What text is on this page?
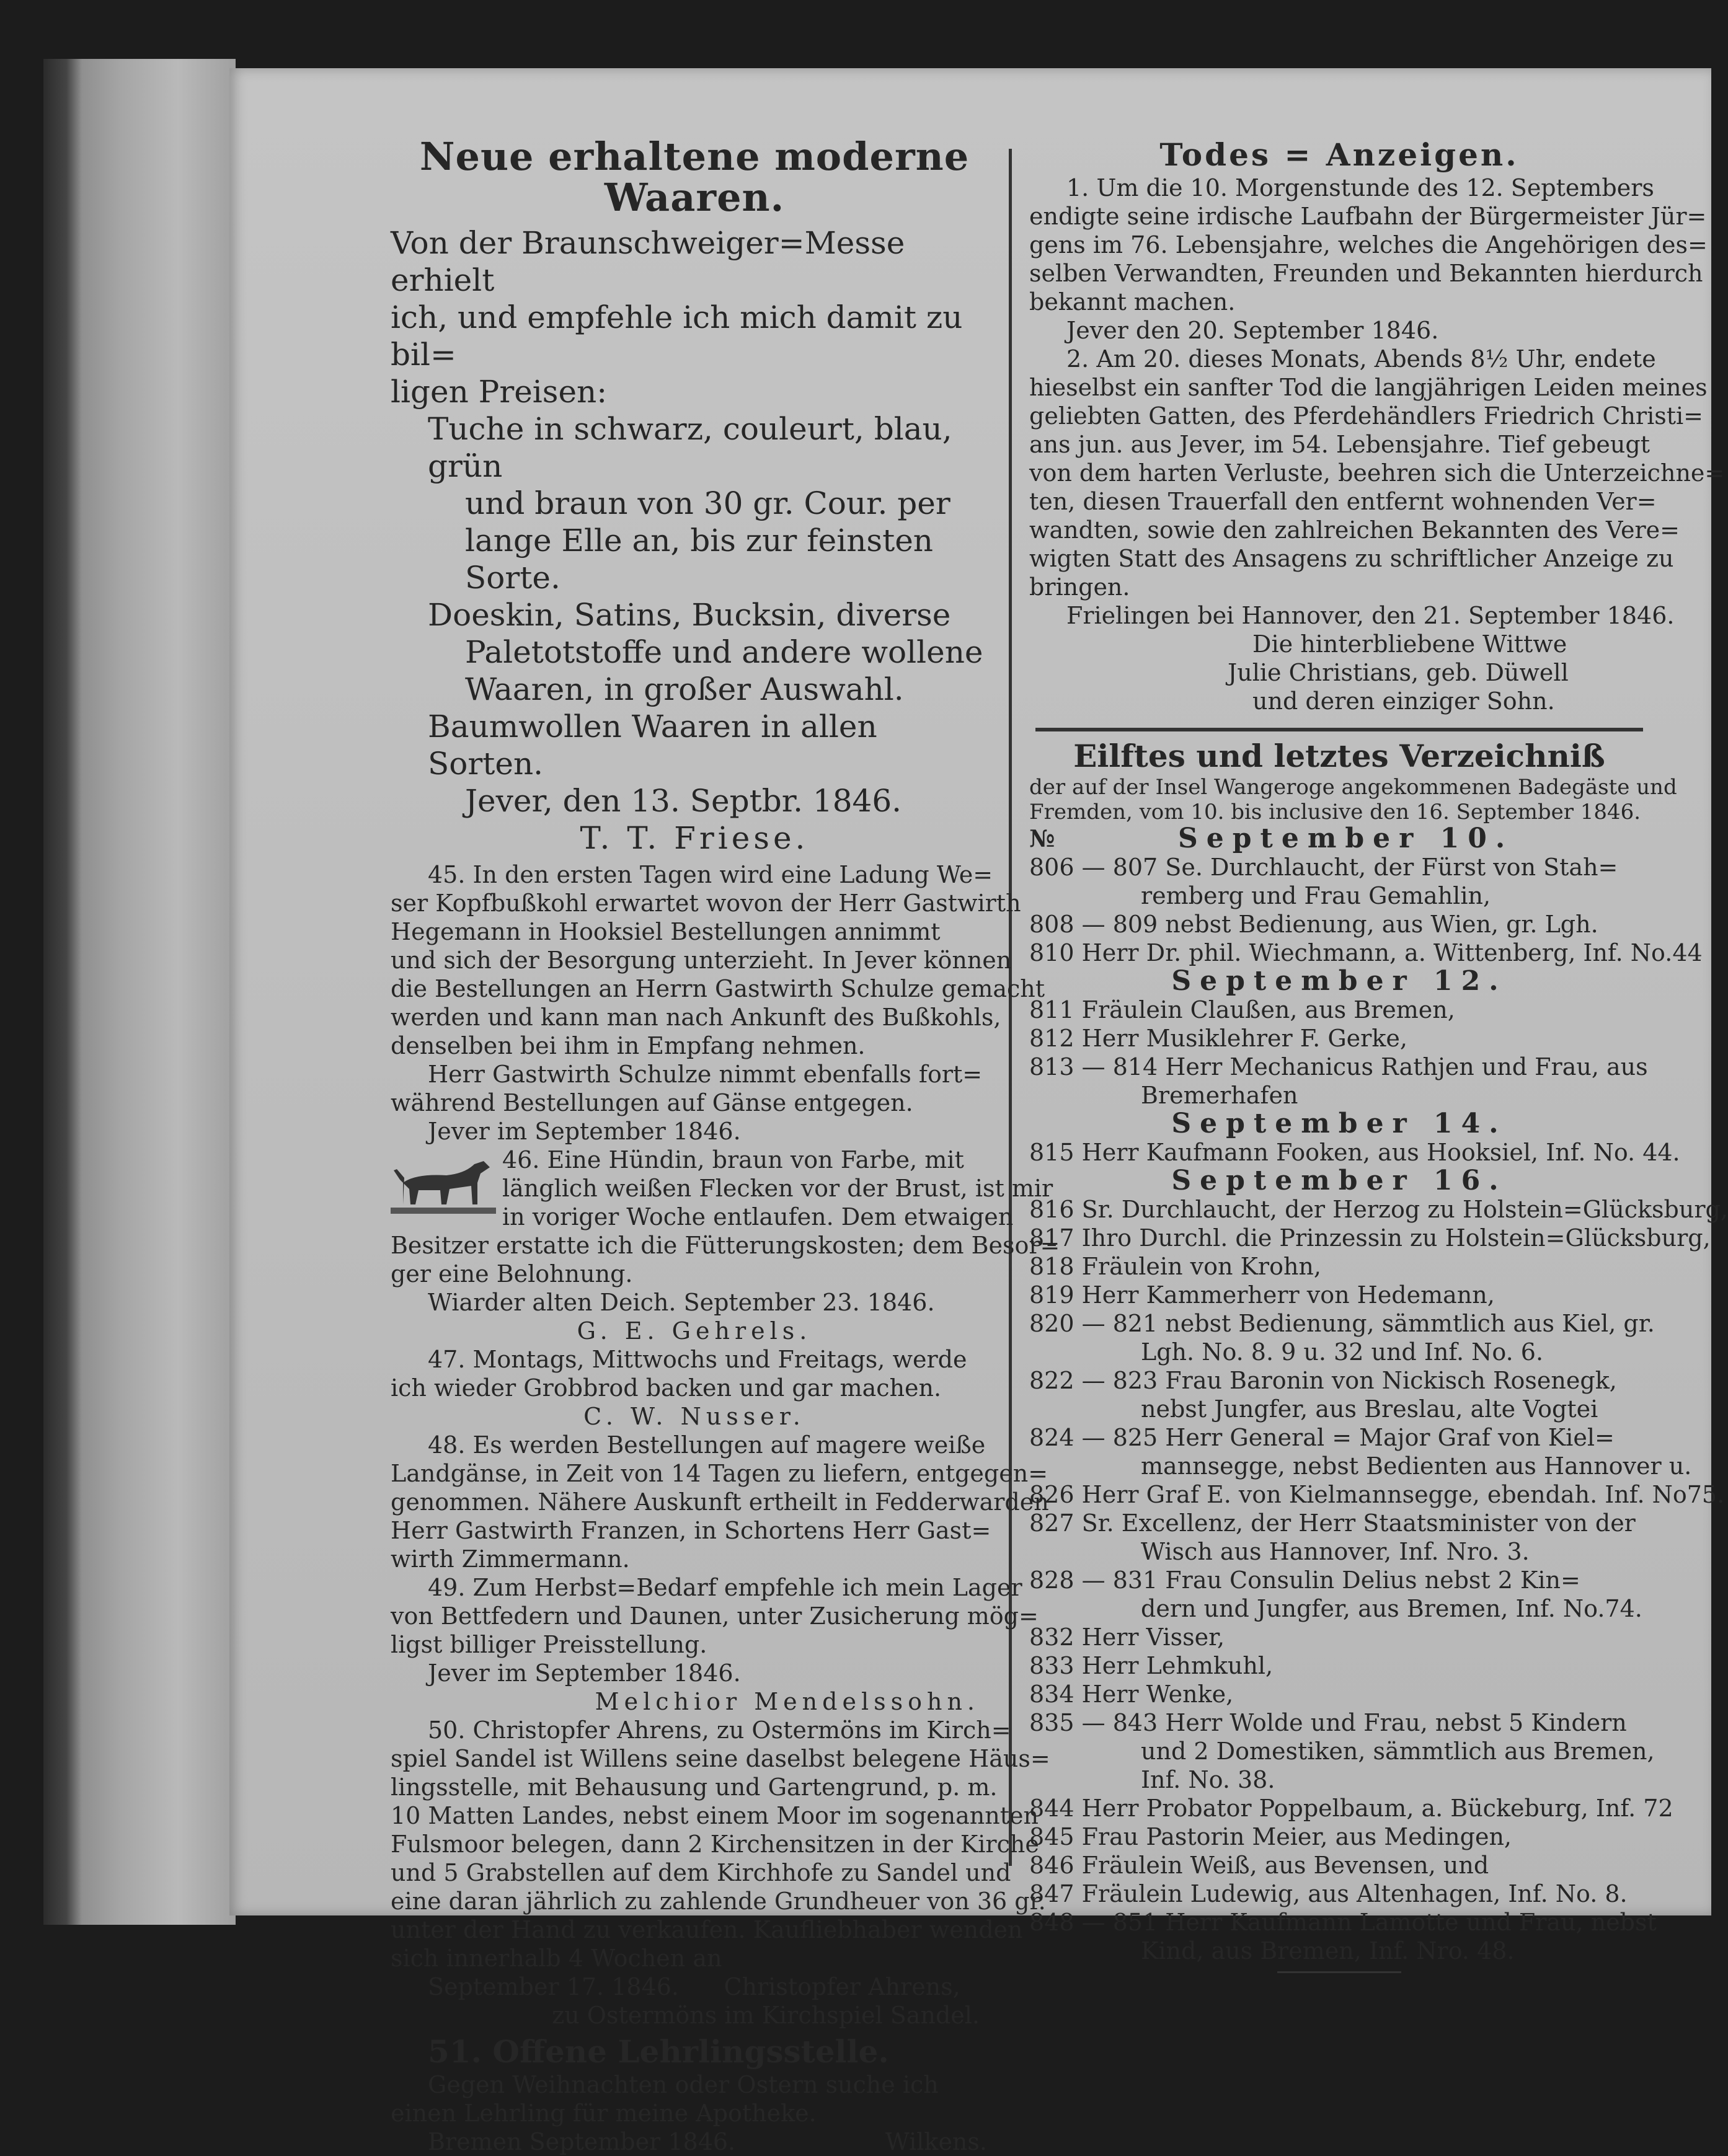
Neue erhaltene moderne Waaren.
Von der Braunschweiger=Messe erhielt
ich, und empfehle ich mich damit zu bil=
ligen Preisen:
Tuche in schwarz, couleurt, blau, grün
und braun von 30 gr. Cour. per
lange Elle an, bis zur feinsten Sorte.
Doeskin, Satins, Bucksin, diverse
Paletotstoffe und andere wollene
Waaren, in großer Auswahl.
Baumwollen Waaren in allen Sorten.
Jever, den 13. Septbr. 1846.
T. T. Friese.
45. In den ersten Tagen wird eine Ladung We=
ser Kopfbußkohl erwartet wovon der Herr Gastwirth
Hegemann in Hooksiel Bestellungen annimmt
und sich der Besorgung unterzieht. In Jever können
die Bestellungen an Herrn Gastwirth Schulze gemacht
werden und kann man nach Ankunft des Bußkohls,
denselben bei ihm in Empfang nehmen.
Herr Gastwirth Schulze nimmt ebenfalls fort=
während Bestellungen auf Gänse entgegen.
Jever im September 1846.
46. Eine Hündin, braun von Farbe, mit
länglich weißen Flecken vor der Brust, ist mir
in voriger Woche entlaufen. Dem etwaigen
Besitzer erstatte ich die Fütterungskosten; dem Besor=
ger eine Belohnung.
Wiarder alten Deich. September 23. 1846.
G. E. Gehrels.
47. Montags, Mittwochs und Freitags, werde
ich wieder Grobbrod backen und gar machen.
C. W. Nusser.
48. Es werden Bestellungen auf magere weiße
Landgänse, in Zeit von 14 Tagen zu liefern, entgegen=
genommen. Nähere Auskunft ertheilt in Fedderwarden
Herr Gastwirth Franzen, in Schortens Herr Gast=
wirth Zimmermann.
49. Zum Herbst=Bedarf empfehle ich mein Lager
von Bettfedern und Daunen, unter Zusicherung mög=
ligst billiger Preisstellung.
Jever im September 1846.
Melchior Mendelssohn.
50. Christopfer Ahrens, zu Ostermöns im Kirch=
spiel Sandel ist Willens seine daselbst belegene Häus=
lingsstelle, mit Behausung und Gartengrund, p. m.
10 Matten Landes, nebst einem Moor im sogenannten
Fulsmoor belegen, dann 2 Kirchensitzen in der Kirche
und 5 Grabstellen auf dem Kirchhofe zu Sandel und
eine daran jährlich zu zahlende Grundheuer von 36 gr.
unter der Hand zu verkaufen. Kaufliebhaber wenden
sich innerhalb 4 Wochen an
September 17. 1846.      Christopfer Ahrens,
zu Ostermöns im Kirchspiel Sandel.
51. Offene Lehrlingsstelle.
Gegen Weihnachten oder Ostern suche ich
einen Lehrling für meine Apotheke.
Bremen September 1846.                    Wilkens.
Todes = Anzeigen.
1. Um die 10. Morgenstunde des 12. Septembers
endigte seine irdische Laufbahn der Bürgermeister Jür=
gens im 76. Lebensjahre, welches die Angehörigen des=
selben Verwandten, Freunden und Bekannten hierdurch
bekannt machen.
Jever den 20. September 1846.
2. Am 20. dieses Monats, Abends 8½ Uhr, endete
hieselbst ein sanfter Tod die langjährigen Leiden meines
geliebten Gatten, des Pferdehändlers Friedrich Christi=
ans jun. aus Jever, im 54. Lebensjahre. Tief gebeugt
von dem harten Verluste, beehren sich die Unterzeichne=
ten, diesen Trauerfall den entfernt wohnenden Ver=
wandten, sowie den zahlreichen Bekannten des Vere=
wigten Statt des Ansagens zu schriftlicher Anzeige zu
bringen.
Frielingen bei Hannover, den 21. September 1846.
Die hinterbliebene Wittwe
Julie Christians, geb. Düwell
und deren einziger Sohn.
Eilftes und letztes Verzeichniß
der auf der Insel Wangeroge angekommenen Badegäste und
Fremden, vom 10. bis inclusive den 16. September 1846.
№	September 10.
806 — 807 Se. Durchlaucht, der Fürst von Stah=
remberg und Frau Gemahlin,
808 — 809 nebst Bedienung, aus Wien, gr. Lgh.
810 Herr Dr. phil. Wiechmann, a. Wittenberg, Inf. No.44
September 12.
811 Fräulein Claußen, aus Bremen,
812 Herr Musiklehrer F. Gerke,
813 — 814 Herr Mechanicus Rathjen und Frau, aus
Bremerhafen
September 14.
815 Herr Kaufmann Fooken, aus Hooksiel, Inf. No. 44.
September 16.
816 Sr. Durchlaucht, der Herzog zu Holstein=Glücksburg,
817 Ihro Durchl. die Prinzessin zu Holstein=Glücksburg,
818 Fräulein von Krohn,
819 Herr Kammerherr von Hedemann,
820 — 821 nebst Bedienung, sämmtlich aus Kiel, gr.
Lgh. No. 8. 9 u. 32 und Inf. No. 6.
822 — 823 Frau Baronin von Nickisch Rosenegk,
nebst Jungfer, aus Breslau, alte Vogtei
824 — 825 Herr General = Major Graf von Kiel=
mannsegge, nebst Bedienten aus Hannover u.
826 Herr Graf E. von Kielmannsegge, ebendah. Inf. No75.
827 Sr. Excellenz, der Herr Staatsminister von der
Wisch aus Hannover, Inf. Nro. 3.
828 — 831 Frau Consulin Delius nebst 2 Kin=
dern und Jungfer, aus Bremen, Inf. No.74.
832 Herr Visser,
833 Herr Lehmkuhl,
834 Herr Wenke,
835 — 843 Herr Wolde und Frau, nebst 5 Kindern
und 2 Domestiken, sämmtlich aus Bremen,
Inf. No. 38.
844 Herr Probator Poppelbaum, a. Bückeburg, Inf. 72
845 Frau Pastorin Meier, aus Medingen,
846 Fräulein Weiß, aus Bevensen, und
847 Fräulein Ludewig, aus Altenhagen, Inf. No. 8.
848 — 851 Herr Kaufmann Lamotte und Frau, nebst
Kind, aus Bremen, Inf. Nro. 48.
